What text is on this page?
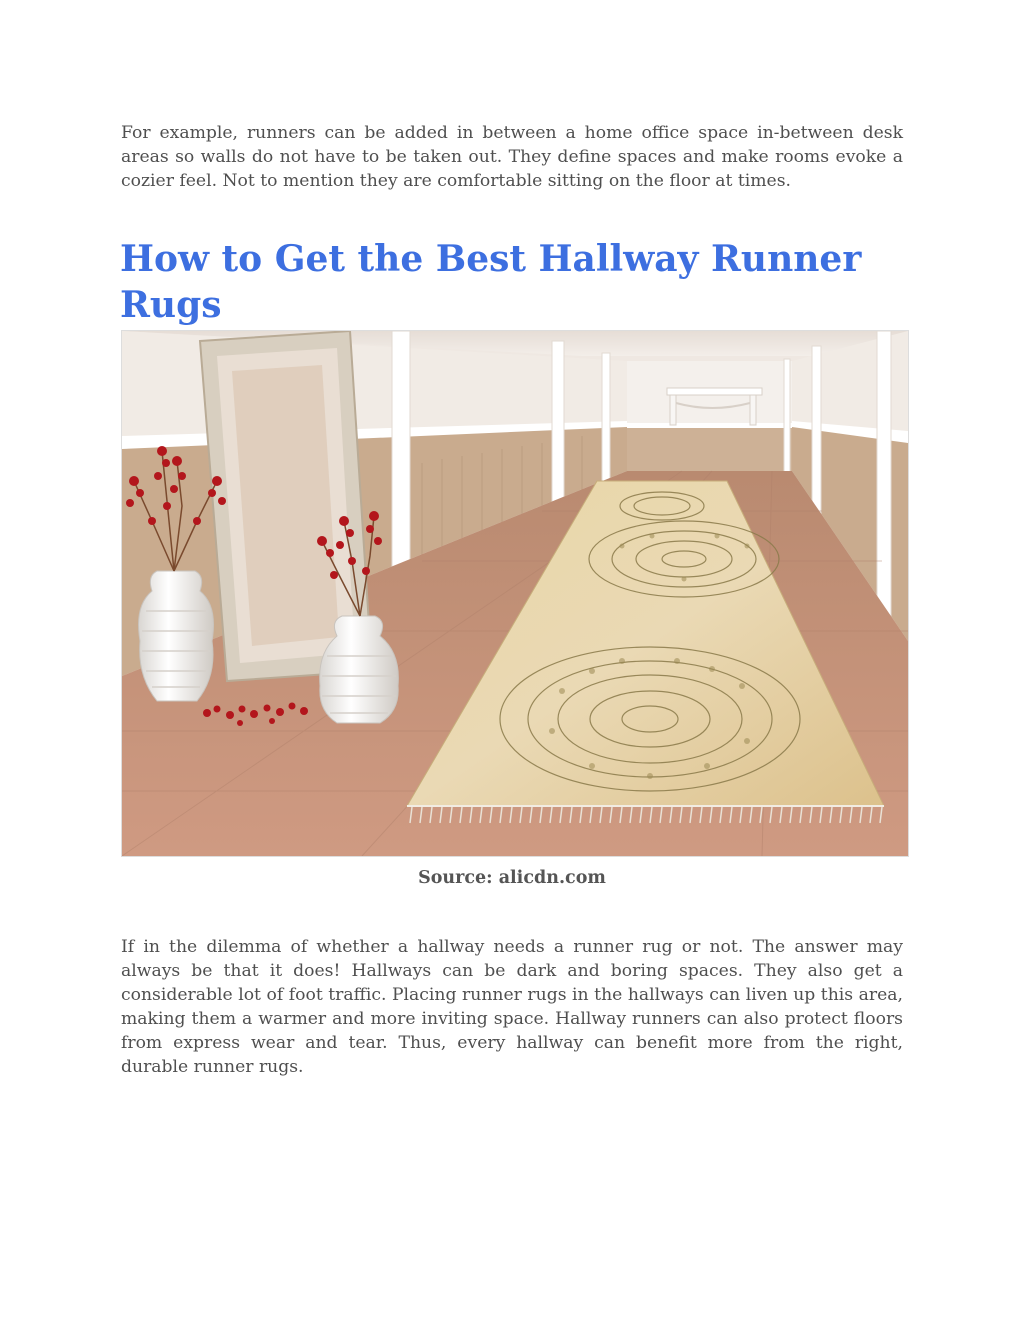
For example, runners can be added in between a home office space in-between desk areas so walls do not have to be taken out. They define spaces and make rooms evoke a cozier feel. Not to mention they are comfortable sitting on the floor at times.

How to Get the Best Hallway Runner Rugs

Source: alicdn.com

If in the dilemma of whether a hallway needs a runner rug or not. The answer may always be that it does! Hallways can be dark and boring spaces. They also get a considerable lot of foot traffic. Placing runner rugs in the hallways can liven up this area, making them a warmer and more inviting space. Hallway runners can also protect floors from express wear and tear. Thus, every hallway can benefit more from the right, durable runner rugs.
